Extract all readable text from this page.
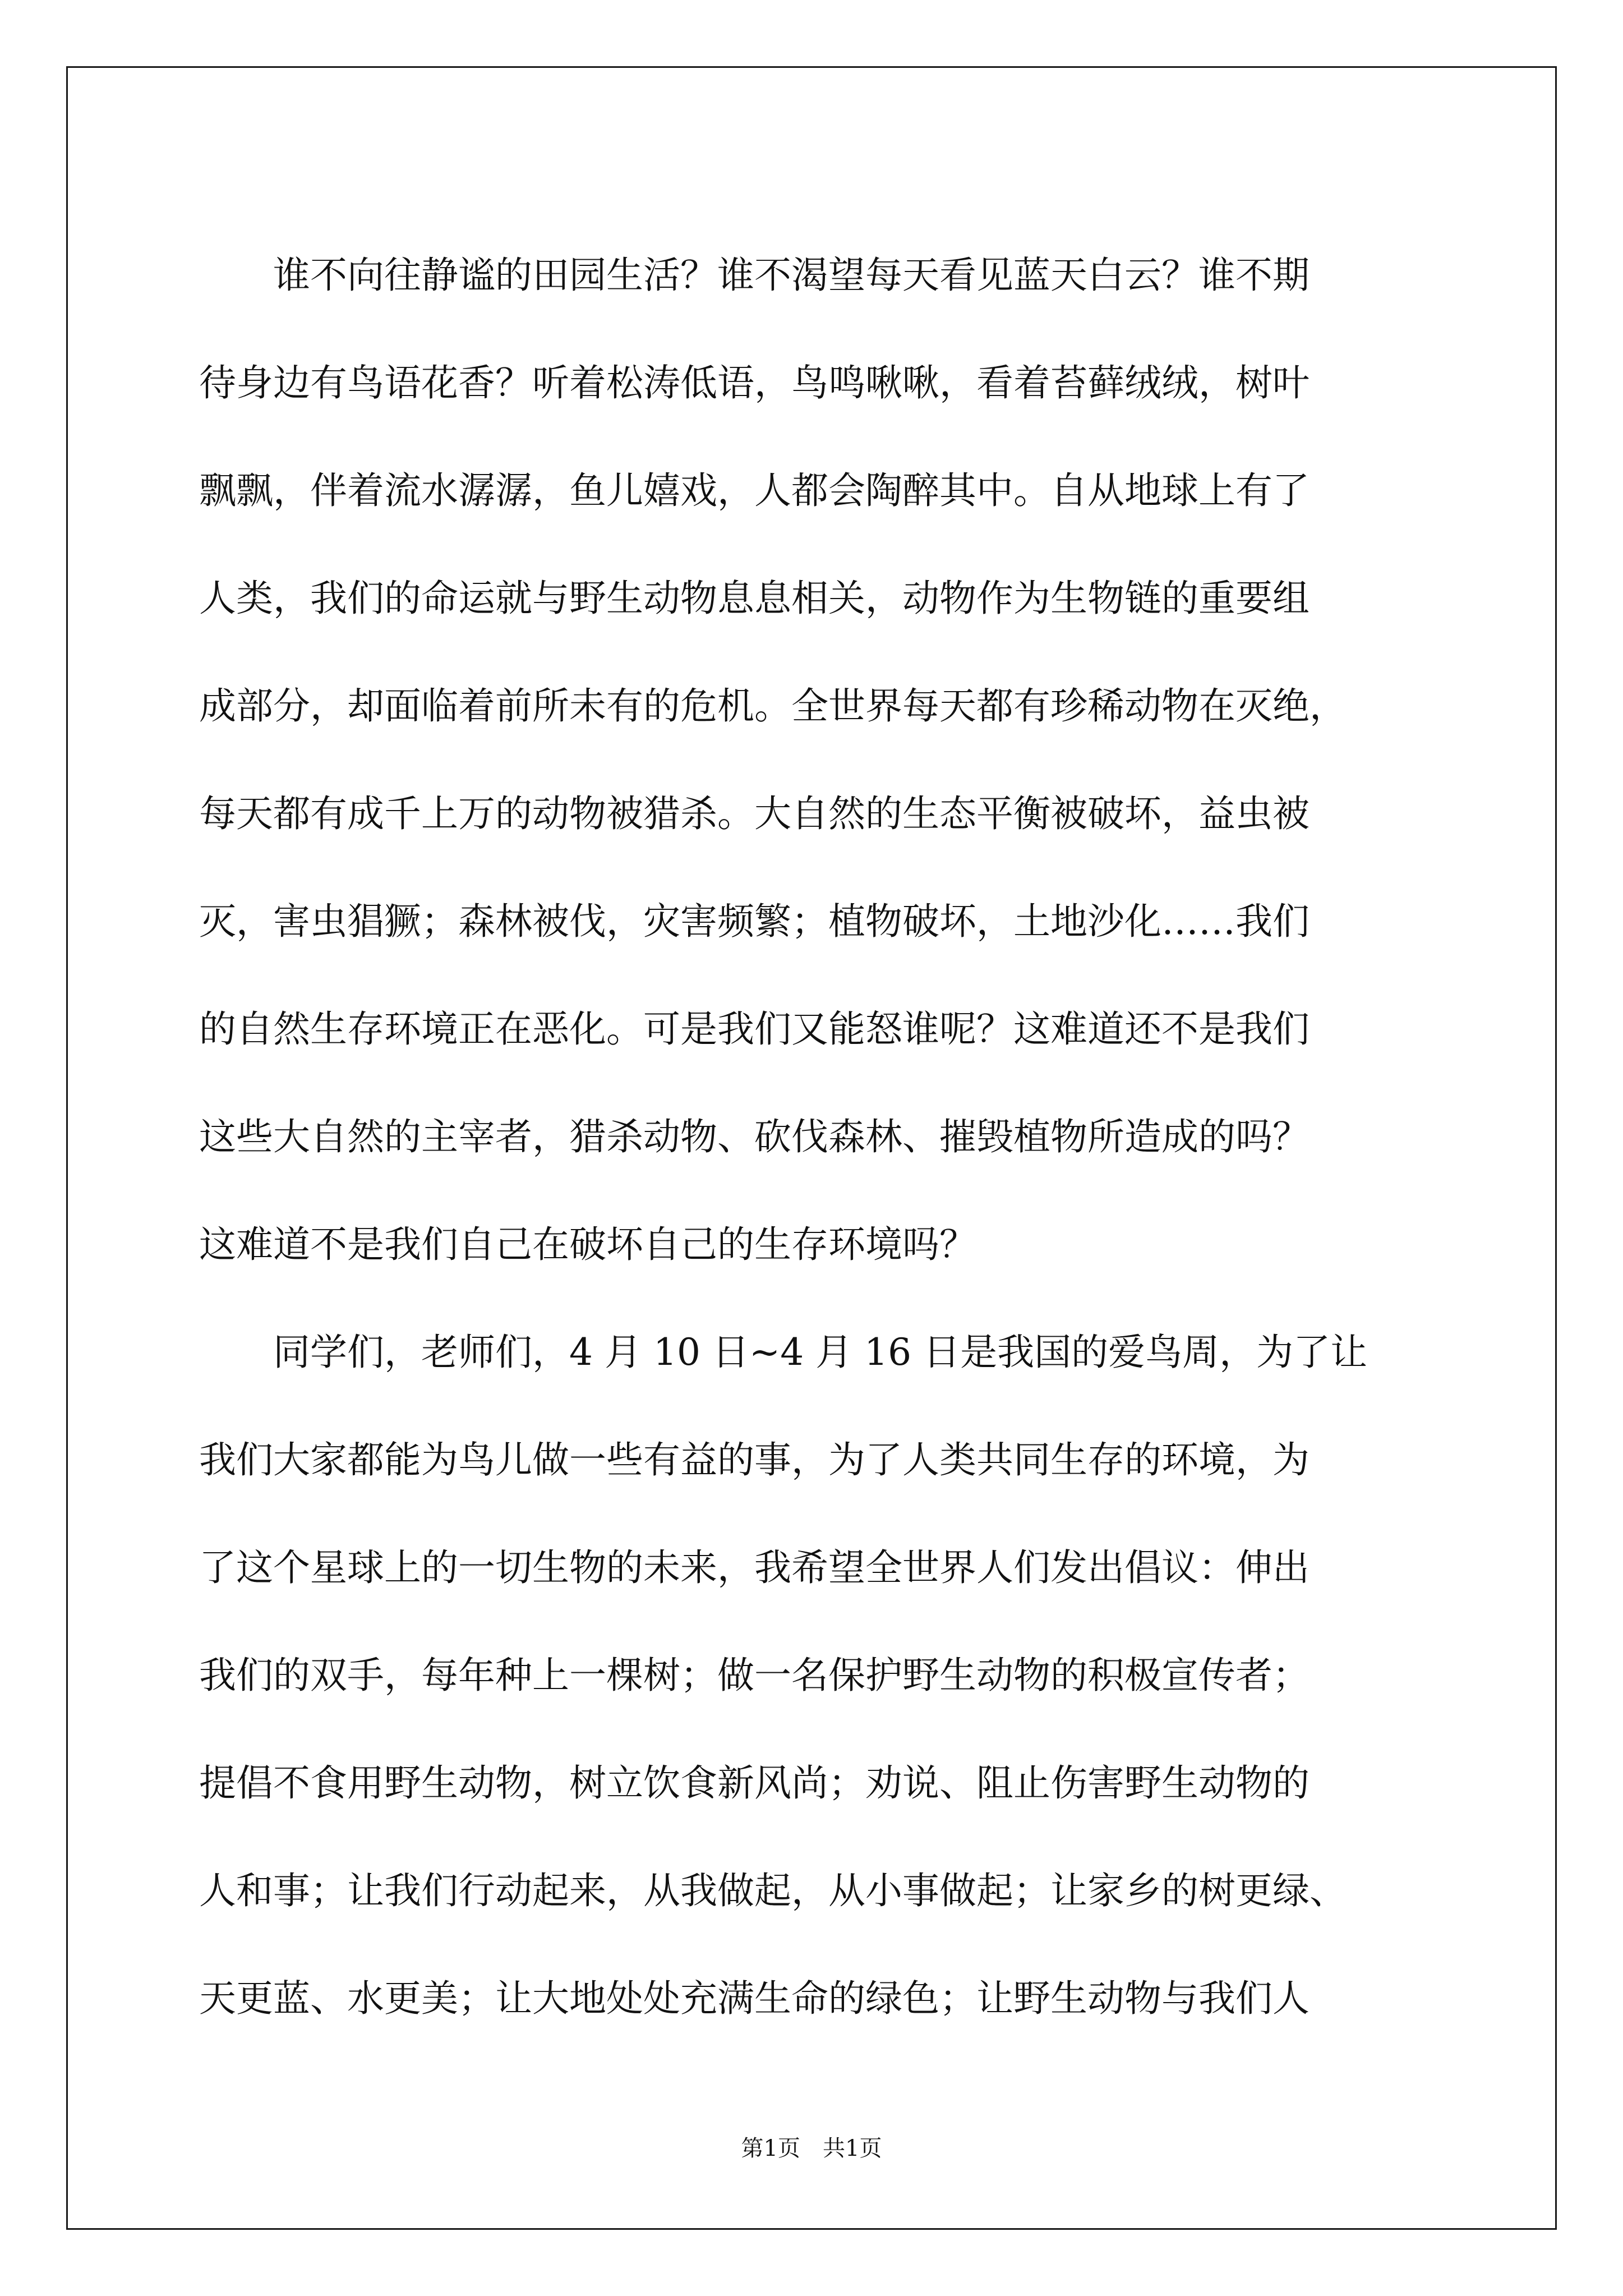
　　谁不向往静谧的田园生活？谁不渴望每天看见蓝天白云？谁不期
待身边有鸟语花香？听着松涛低语，鸟鸣啾啾，看着苔藓绒绒，树叶
飘飘，伴着流水潺潺，鱼儿嬉戏，人都会陶醉其中。自从地球上有了
人类，我们的命运就与野生动物息息相关，动物作为生物链的重要组
成部分，却面临着前所未有的危机。全世界每天都有珍稀动物在灭绝，
每天都有成千上万的动物被猎杀。大自然的生态平衡被破坏，益虫被
灭，害虫猖獗；森林被伐，灾害频繁；植物破坏，土地沙化……我们
的自然生存环境正在恶化。可是我们又能怒谁呢？这难道还不是我们
这些大自然的主宰者，猎杀动物、砍伐森林、摧毁植物所造成的吗？
这难道不是我们自己在破坏自己的生存环境吗？
　　同学们，老师们，4 月 10 日~4 月 16 日是我国的爱鸟周，为了让
我们大家都能为鸟儿做一些有益的事，为了人类共同生存的环境，为
了这个星球上的一切生物的未来，我希望全世界人们发出倡议：伸出
我们的双手，每年种上一棵树；做一名保护野生动物的积极宣传者；
提倡不食用野生动物，树立饮食新风尚；劝说、阻止伤害野生动物的
人和事；让我们行动起来，从我做起，从小事做起；让家乡的树更绿、
天更蓝、水更美；让大地处处充满生命的绿色；让野生动物与我们人
第1页 共1页
